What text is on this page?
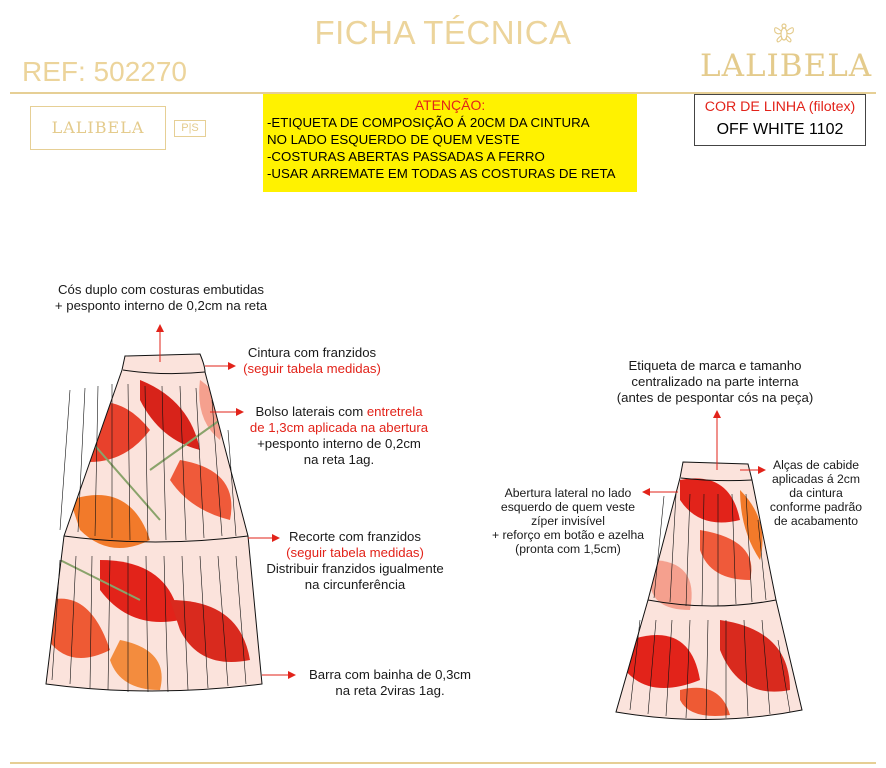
FICHA TÉCNICA
REF: 502270	LALIBELA
LALIBELA	P|S
ATENÇÃO:
-ETIQUETA DE COMPOSIÇÃO Á 20CM DA CINTURA
NO LADO ESQUERDO DE QUEM VESTE
-COSTURAS ABERTAS PASSADAS A FERRO
-USAR ARREMATE EM TODAS AS COSTURAS DE RETA
COR DE LINHA (filotex)
OFF WHITE 1102
Cós duplo com costuras embutidas
+ pesponto interno de 0,2cm na reta
Cintura com franzidos
(seguir tabela medidas)
Bolso laterais com entretrela
de 1,3cm aplicada na abertura
+pesponto interno de 0,2cm
na reta 1ag.
Recorte com franzidos
(seguir tabela medidas)
Distribuir franzidos igualmente
na circunferência
Barra com bainha de 0,3cm
na reta 2viras 1ag.
Etiqueta de marca e tamanho
centralizado na parte interna
(antes de pespontar cós na peça)
Alças de cabide
aplicadas á 2cm
da cintura
conforme padrão
de acabamento
Abertura lateral no lado
esquerdo de quem veste
zíper invisível
+ reforço em botão e azelha
(pronta com 1,5cm)
